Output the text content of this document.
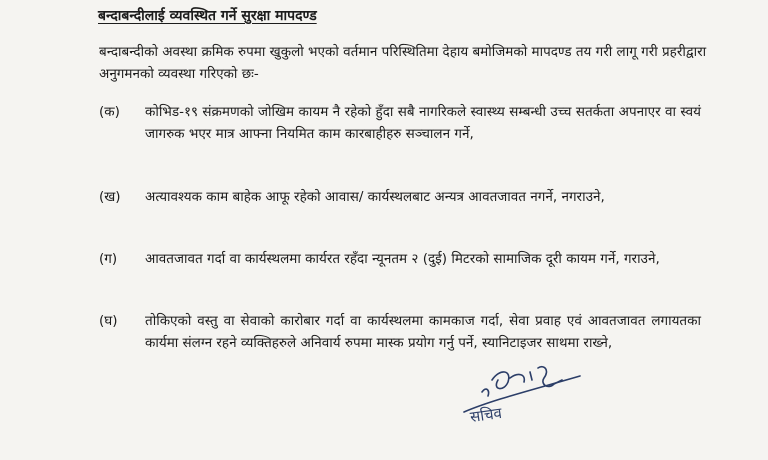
बन्दाबन्दीलाई व्यवस्थित गर्ने सुरक्षा मापदण्ड
बन्दाबन्दीको अवस्था क्रमिक रुपमा खुकुलो भएको वर्तमान परिस्थितिमा देहाय बमोजिमको मापदण्ड तय गरी लागू गरी प्रहरीद्वारा अनुगमनको व्यवस्था गरिएको छः-
(क)	कोभिड-१९ संक्रमणको जोखिम कायम नै रहेको हुँदा सबै नागरिकले स्वास्थ्य सम्बन्धी उच्च सतर्कता अपनाएर वा स्वयं जागरुक भएर मात्र आफ्ना नियमित काम कारबाहीहरु सञ्चालन गर्ने,
(ख)	अत्यावश्यक काम बाहेक आफू रहेको आवास/ कार्यस्थलबाट अन्यत्र आवतजावत नगर्ने, नगराउने,
(ग)	आवतजावत गर्दा वा कार्यस्थलमा कार्यरत रहँदा न्यूनतम २ (दुई) मिटरको सामाजिक दूरी कायम गर्ने, गराउने,
(घ)	तोकिएको वस्तु वा सेवाको कारोबार गर्दा वा कार्यस्थलमा कामकाज गर्दा, सेवा प्रवाह एवं आवतजावत लगायतका कार्यमा संलग्न रहने व्यक्तिहरुले अनिवार्य रुपमा मास्क प्रयोग गर्नु पर्ने, स्यानिटाइजर साथमा राख्ने,
सचिव
